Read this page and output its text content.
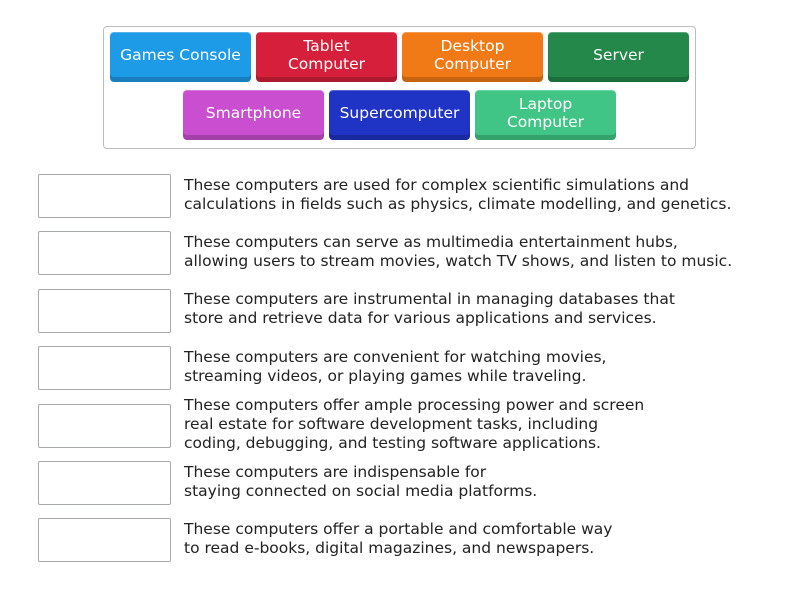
Games Console	Tablet
Computer
Desktop
Computer	Server
Smartphone	Supercomputer	Laptop
Computer
These computers are used for complex scientific simulations and
calculations in fields such as physics, climate modelling, and genetics.
These computers can serve as multimedia entertainment hubs,
allowing users to stream movies, watch TV shows, and listen to music.
These computers are instrumental in managing databases that
store and retrieve data for various applications and services.
These computers are convenient for watching movies,
streaming videos, or playing games while traveling.
These computers offer ample processing power and screen
real estate for software development tasks, including
coding, debugging, and testing software applications.
These computers are indispensable for
staying connected on social media platforms.
These computers offer a portable and comfortable way
to read e-books, digital magazines, and newspapers.
